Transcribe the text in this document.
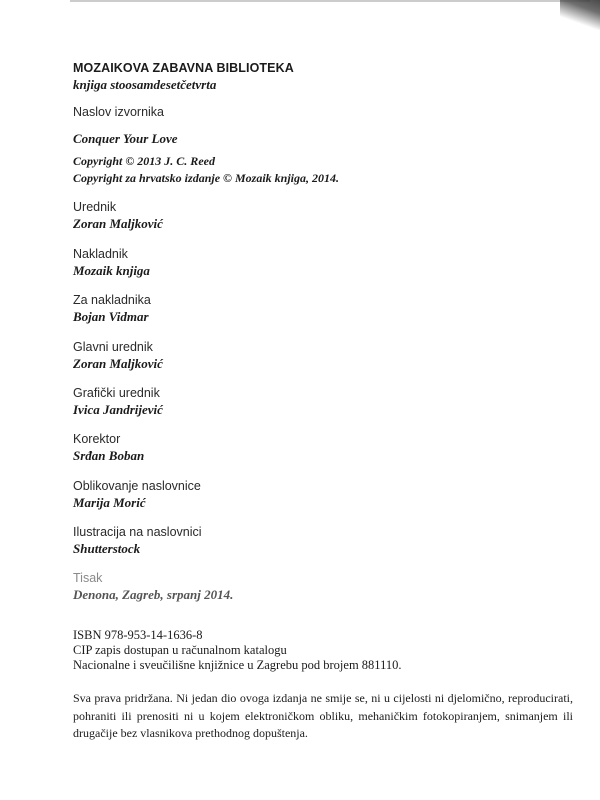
MOZAIKOVA ZABAVNA BIBLIOTEKA
knjiga stoosamdesetčetvrta
Naslov izvornika
Conquer Your Love
Copyright © 2013 J. C. Reed
Copyright za hrvatsko izdanje © Mozaik knjiga, 2014.
Urednik
Zoran Maljković
Nakladnik
Mozaik knjiga
Za nakladnika
Bojan Vidmar
Glavni urednik
Zoran Maljković
Grafički urednik
Ivica Jandrijević
Korektor
Srđan Boban
Oblikovanje naslovnice
Marija Morić
Ilustracija na naslovnici
Shutterstock
Tisak
Denona, Zagreb, srpanj 2014.
ISBN 978-953-14-1636-8
CIP zapis dostupan u računalnom katalogu
Nacionalne i sveučilišne knjižnice u Zagrebu pod brojem 881110.
Sva prava pridržana. Ni jedan dio ovoga izdanja ne smije se, ni u cijelosti ni djelomično, reproducirati, pohraniti ili prenositi ni u kojem elektroničkom obliku, mehaničkim fotokopiranjem, snimanjem ili drugačije bez vlasnikova prethodnog dopuštenja.
